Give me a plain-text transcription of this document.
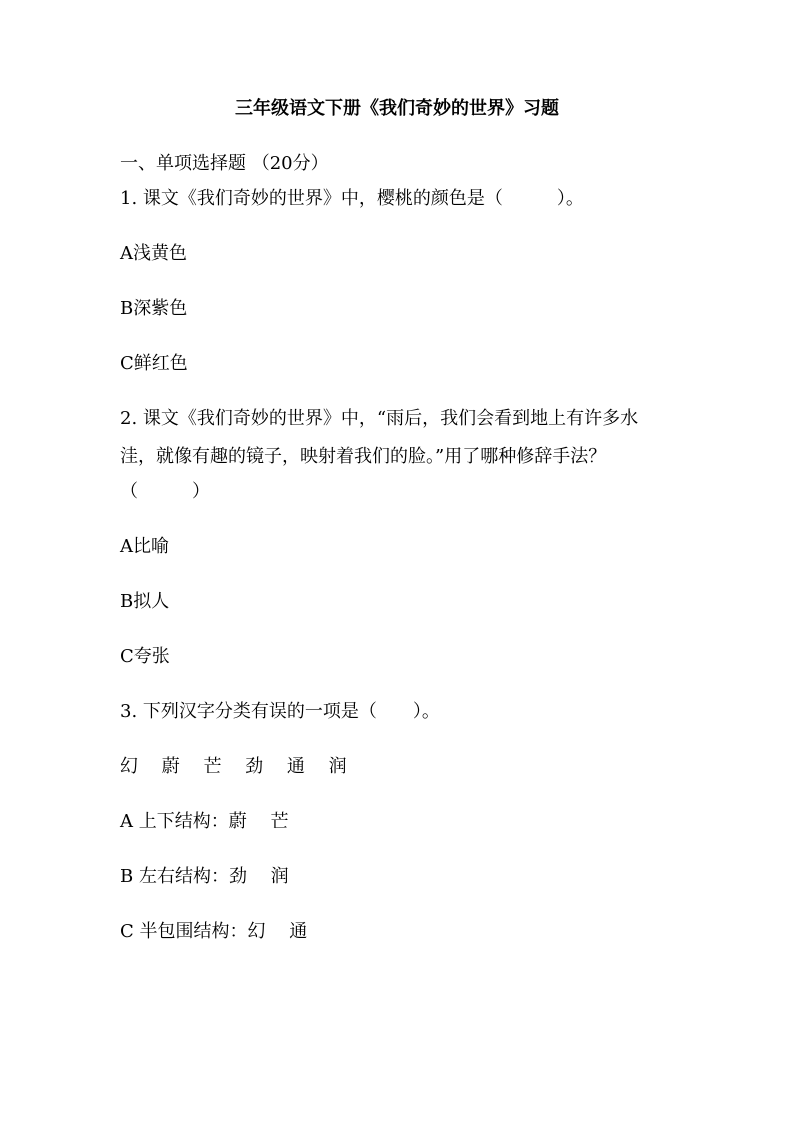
三年级语文下册《我们奇妙的世界》习题
一、单项选择题 （20分）
1. 课文《我们奇妙的世界》中，樱桃的颜色是（　　　）。
A浅黄色
B深紫色
C鲜红色
2. 课文《我们奇妙的世界》中，“雨后，我们会看到地上有许多水
洼，就像有趣的镜子，映射着我们的脸。”用了哪种修辞手法？
（　　　）
A比喻
B拟人
C夸张
3. 下列汉字分类有误的一项是（　　）。
幻　 蔚　 芒　 劲　 通　 润
A 上下结构：蔚　 芒
B 左右结构：劲　 润
C 半包围结构：幻　 通
